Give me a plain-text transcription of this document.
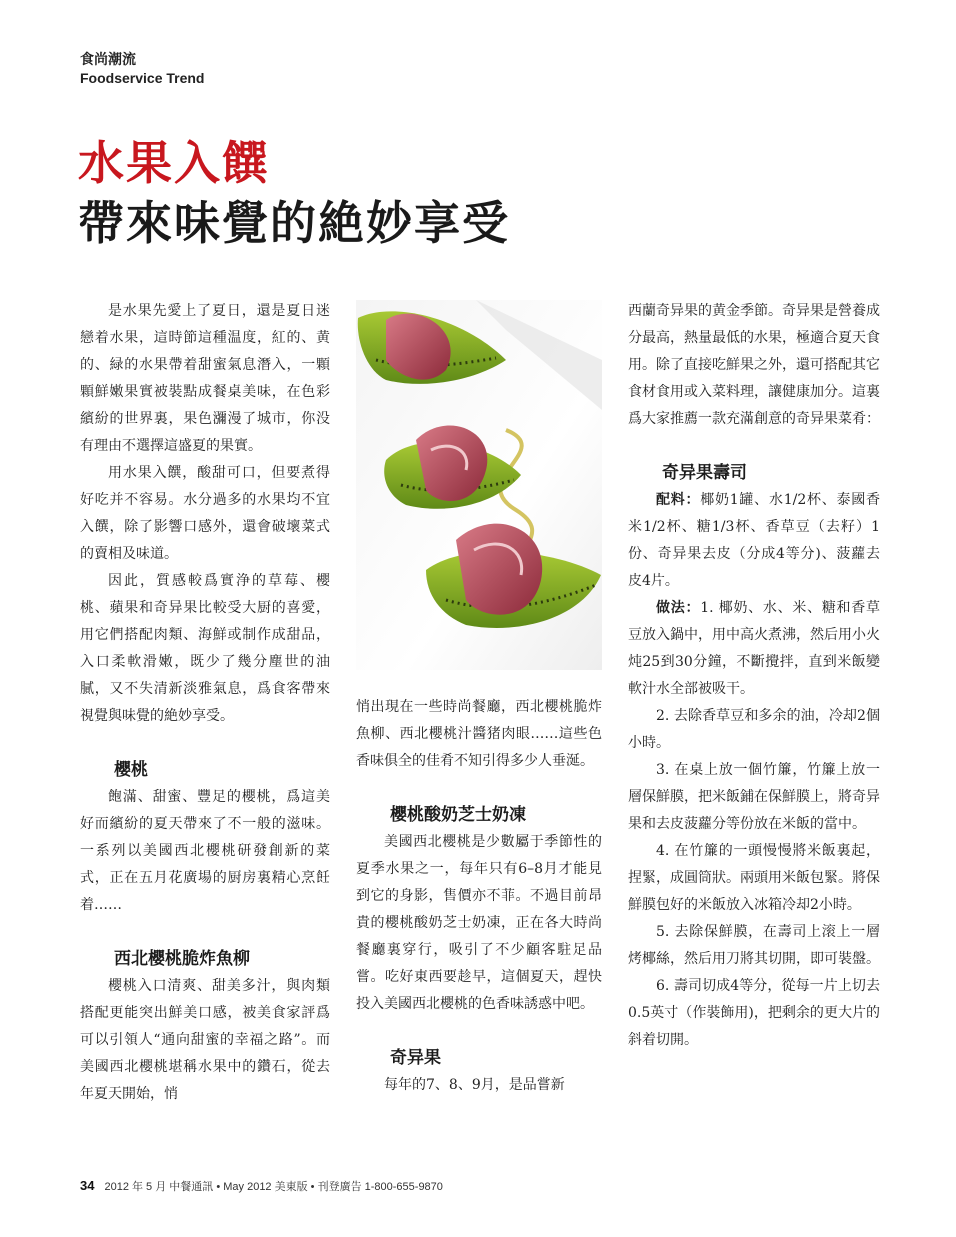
食尚潮流
Foodservice Trend
水果入饌
帶來味覺的絶妙享受

是水果先愛上了夏日，還是夏日迷戀着水果，這時節這種温度，紅的、黄的、緑的水果帶着甜蜜氣息潛入，一顆顆鮮嫩果實被裝點成餐桌美味，在色彩繽紛的世界裏，果色瀰漫了城市，你没有理由不選擇這盛夏的果實。

用水果入饌，酸甜可口，但要煮得好吃并不容易。水分過多的水果均不宜入饌，除了影響口感外，還會破壞菜式的賣相及味道。

因此，質感較爲實浄的草莓、櫻桃、蘋果和奇异果比較受大厨的喜愛，用它們搭配肉類、海鮮或制作成甜品，入口柔軟滑嫩，既少了幾分塵世的油膩，又不失清新淡雅氣息，爲食客帶來視覺與味覺的絶妙享受。

櫻桃

飽滿、甜蜜、豐足的櫻桃，爲這美好而繽紛的夏天帶來了不一般的滋味。一系列以美國西北櫻桃研發創新的菜式，正在五月花廣場的厨房裏精心烹飪着……

西北櫻桃脆炸魚柳

櫻桃入口清爽、甜美多汁，與肉類搭配更能突出鮮美口感，被美食家評爲可以引領人“通向甜蜜的幸福之路”。而美國西北櫻桃堪稱水果中的鑽石，從去年夏天開始，悄

悄出現在一些時尚餐廳，西北櫻桃脆炸魚柳、西北櫻桃汁醬猪肉眼……這些色香味俱全的佳肴不知引得多少人垂涎。

櫻桃酸奶芝士奶凍

美國西北櫻桃是少數屬于季節性的夏季水果之一，每年只有6–8月才能見到它的身影，售價亦不菲。不過目前昂貴的櫻桃酸奶芝士奶凍，正在各大時尚餐廳裏穿行，吸引了不少顧客駐足品嘗。吃好東西要趁早，這個夏天，趕快投入美國西北櫻桃的色香味誘惑中吧。

奇异果

每年的7、8、9月，是品嘗新

西蘭奇异果的黄金季節。奇异果是營養成分最高，熱量最低的水果，極適合夏天食用。除了直接吃鮮果之外，還可搭配其它食材食用或入菜料理，讓健康加分。這裏爲大家推薦一款充滿創意的奇异果菜肴：

奇异果壽司

配料：椰奶1罐、水1/2杯、泰國香米1/2杯、糖1/3杯、香草豆（去籽）1份、奇异果去皮（分成4等分)、菠蘿去皮4片。

做法：1. 椰奶、水、米、糖和香草豆放入鍋中，用中高火煮沸，然后用小火炖25到30分鐘，不斷攪拌，直到米飯變軟汁水全部被吸干。

2. 去除香草豆和多余的油，冷却2個小時。

3. 在桌上放一個竹簾，竹簾上放一層保鮮膜，把米飯鋪在保鮮膜上，將奇异果和去皮菠蘿分等份放在米飯的當中。

4. 在竹簾的一頭慢慢將米飯裏起，捏緊，成圓筒狀。兩頭用米飯包緊。將保鮮膜包好的米飯放入冰箱冷却2小時。

5. 去除保鮮膜，在壽司上滚上一層烤椰絲，然后用刀將其切開，即可裝盤。

6. 壽司切成4等分，從每一片上切去0.5英寸（作裝飾用)，把剩余的更大片的斜着切開。

34 2012 年 5 月 中餐通訊 • May 2012 美東版 • 刊登廣告 1-800-655-9870
